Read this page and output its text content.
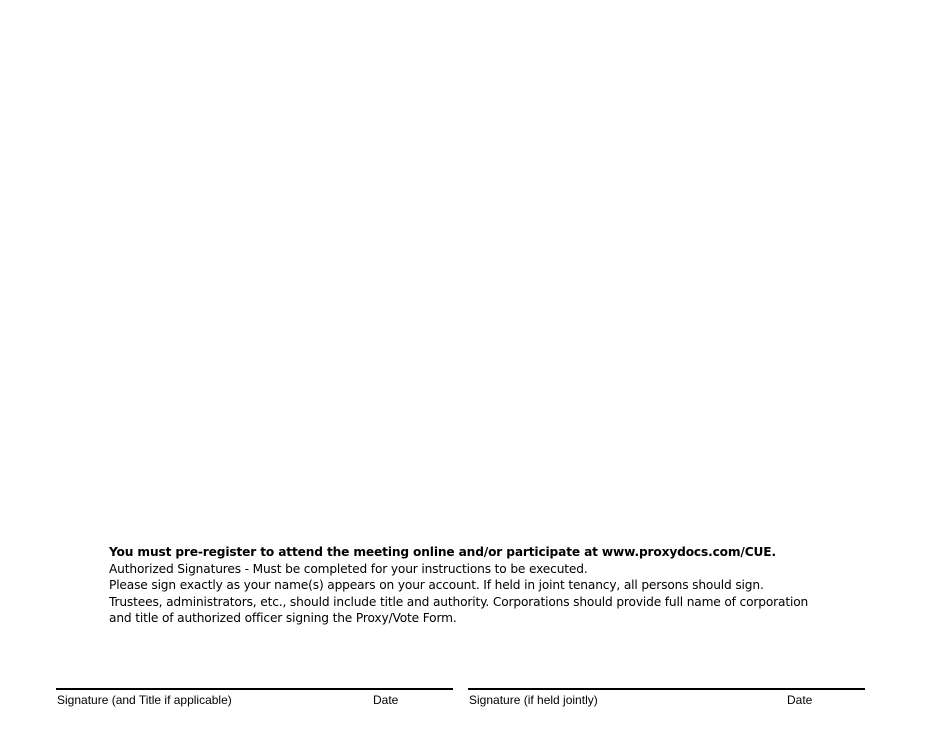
You must pre-register to attend the meeting online and/or participate at www.proxydocs.com/CUE.

Authorized Signatures - Must be completed for your instructions to be executed.

Please sign exactly as your name(s) appears on your account. If held in joint tenancy, all persons should sign. Trustees, administrators, etc., should include title and authority. Corporations should provide full name of corporation and title of authorized officer signing the Proxy/Vote Form.

Signature (and Title if applicable)	Date	Signature (if held jointly)	Date
